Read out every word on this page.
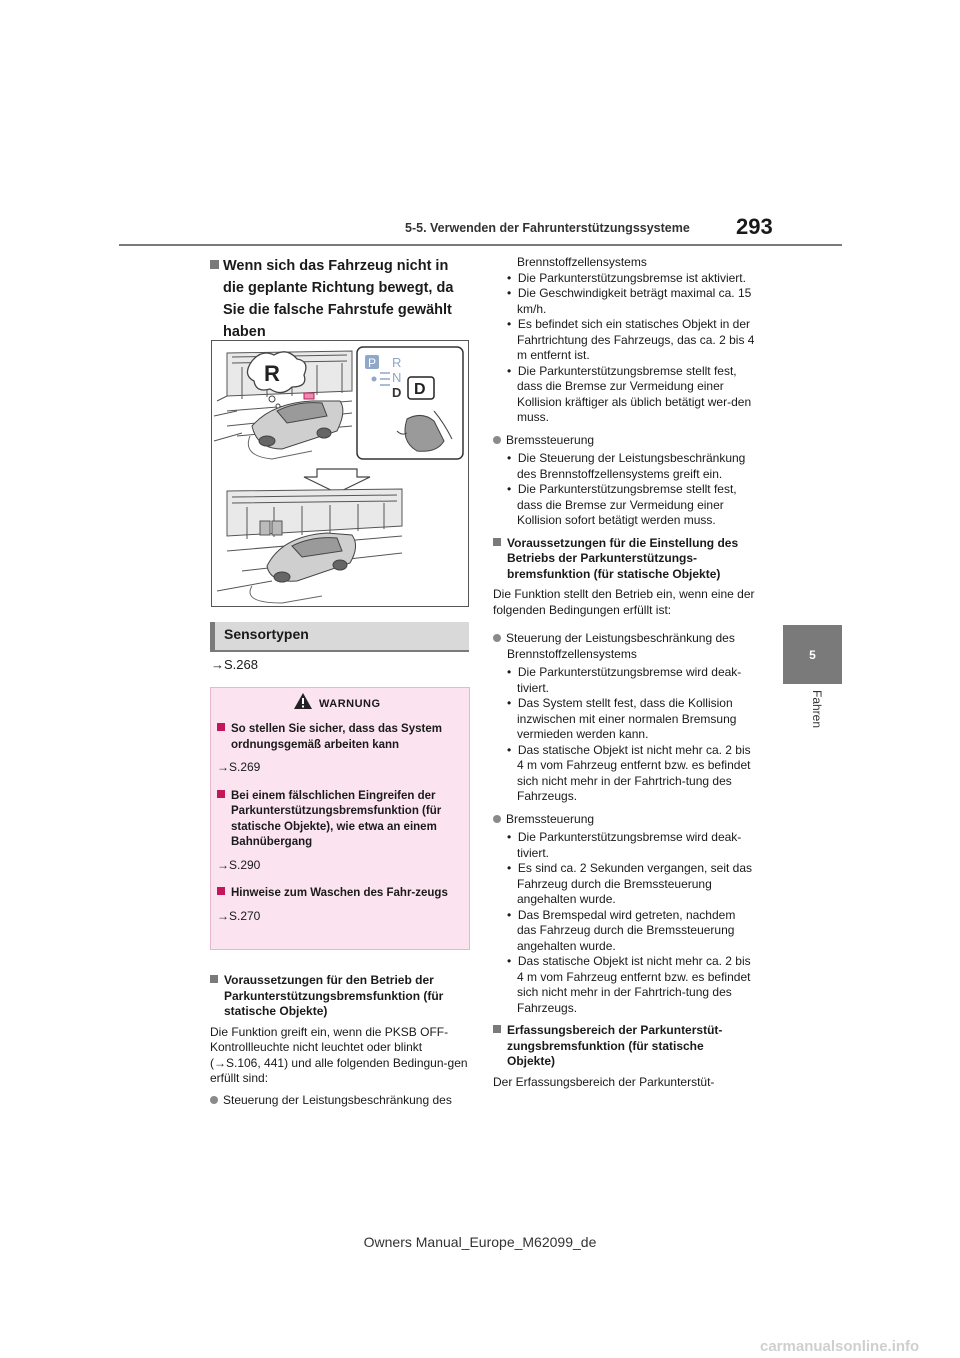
5-5. Verwenden der Fahrunterstützungssysteme 293
5
Fahren
Wenn sich das Fahrzeug nicht in
die geplante Richtung bewegt, da
Sie die falsche Fahrstufe gewählt
haben
R	P R
N
D D
Sensortypen
→S.268
WARNUNG
So stellen Sie sicher, dass das System ordnungsgemäß arbeiten kann
→S.269
Bei einem fälschlichen Eingreifen der Parkunterstützungsbremsfunktion (für statische Objekte), wie etwa an einem Bahnübergang
→S.290
Hinweise zum Waschen des Fahr-zeugs
→S.270
Voraussetzungen für den Betrieb der Parkunterstützungsbremsfunktion (für statische Objekte)
Die Funktion greift ein, wenn die PKSB OFF-Kontrollleuchte nicht leuchtet oder blinkt (→S.106, 441) und alle folgenden Bedingun-gen erfüllt sind:
Steuerung der Leistungsbeschränkung des
Brennstoffzellensystems
•  Die Parkunterstützungsbremse ist aktiviert.
•  Die Geschwindigkeit beträgt maximal ca. 15 km/h.
•  Es befindet sich ein statisches Objekt in der Fahrtrichtung des Fahrzeugs, das ca. 2 bis 4 m entfernt ist.
•  Die Parkunterstützungsbremse stellt fest, dass die Bremse zur Vermeidung einer Kollision kräftiger als üblich betätigt wer-den muss.
Bremssteuerung
•  Die Steuerung der Leistungsbeschränkung des Brennstoffzellensystems greift ein.
•  Die Parkunterstützungsbremse stellt fest, dass die Bremse zur Vermeidung einer Kollision sofort betätigt werden muss.
Voraussetzungen für die Einstellung des Betriebs der Parkunterstützungs-bremsfunktion (für statische Objekte)
Die Funktion stellt den Betrieb ein, wenn eine der folgenden Bedingungen erfüllt ist:
Steuerung der Leistungsbeschränkung des Brennstoffzellensystems
•  Die Parkunterstützungsbremse wird deak-tiviert.
•  Das System stellt fest, dass die Kollision inzwischen mit einer normalen Bremsung vermieden werden kann.
•  Das statische Objekt ist nicht mehr ca. 2 bis 4 m vom Fahrzeug entfernt bzw. es befindet sich nicht mehr in der Fahrtrich-tung des Fahrzeugs.
Bremssteuerung
•  Die Parkunterstützungsbremse wird deak-tiviert.
•  Es sind ca. 2 Sekunden vergangen, seit das Fahrzeug durch die Bremssteuerung angehalten wurde.
•  Das Bremspedal wird getreten, nachdem das Fahrzeug durch die Bremssteuerung angehalten wurde.
•  Das statische Objekt ist nicht mehr ca. 2 bis 4 m vom Fahrzeug entfernt bzw. es befindet sich nicht mehr in der Fahrtrich-tung des Fahrzeugs.
Erfassungsbereich der Parkunterstüt-zungsbremsfunktion (für statische Objekte)
Der Erfassungsbereich der Parkunterstüt-
Owners Manual_Europe_M62099_de
carmanualsonline.info
